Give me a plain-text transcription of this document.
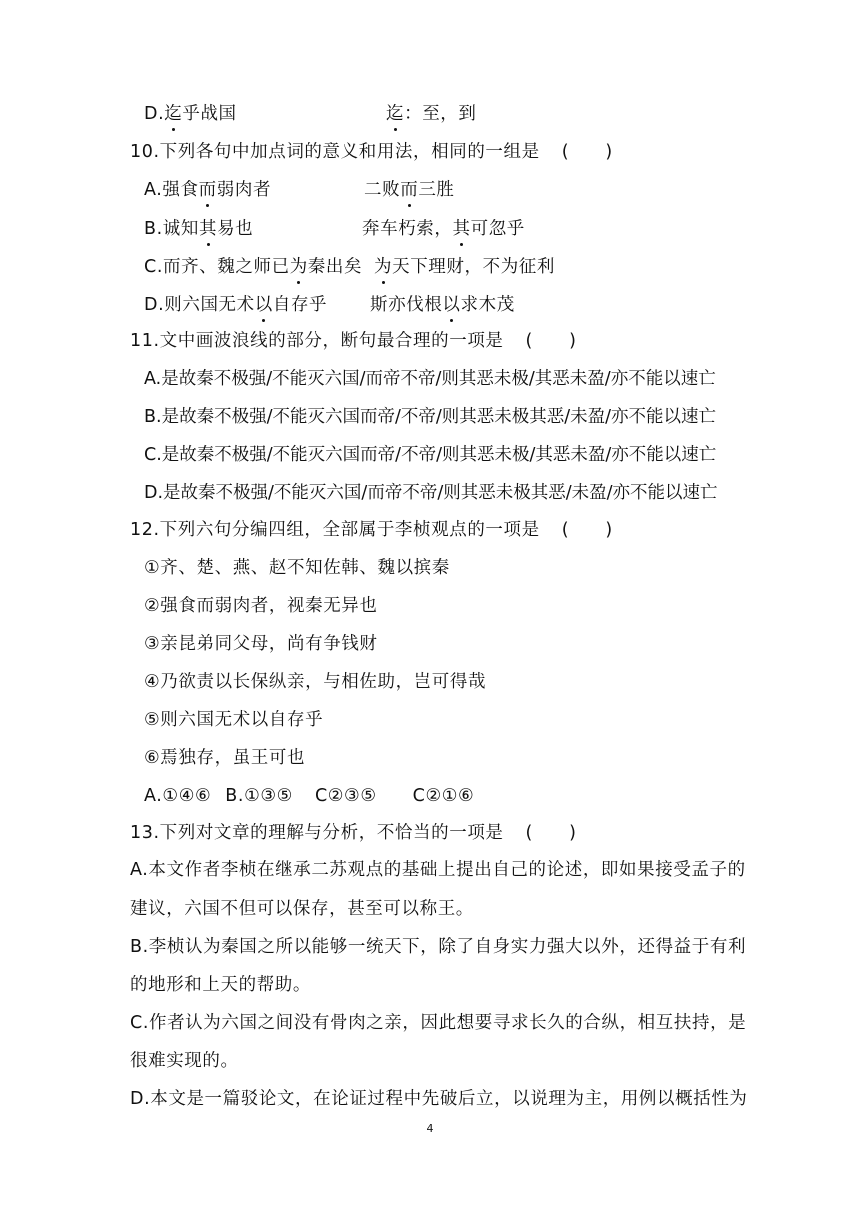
D.迄乎战国	迄：至，到
10.下列各句中加点词的意义和用法，相同的一组是 (　　)
A.强食而弱肉者	二败而三胜
B.诚知其易也	奔车朽索，其可忽乎
C.而齐、魏之师已为秦出矣 为天下理财，不为征利
D.则六国无术以自存乎 斯亦伐根以求木茂
11.文中画波浪线的部分，断句最合理的一项是 (　　)
A.是故秦不极强/不能灭六国/而帝不帝/则其恶未极/其恶未盈/亦不能以速亡
B.是故秦不极强/不能灭六国而帝/不帝/则其恶未极其恶/未盈/亦不能以速亡
C.是故秦不极强/不能灭六国而帝/不帝/则其恶未极/其恶未盈/亦不能以速亡
D.是故秦不极强/不能灭六国/而帝不帝/则其恶未极其恶/未盈/亦不能以速亡
12.下列六句分编四组，全部属于李桢观点的一项是 (　　)
①齐、楚、燕、赵不知佐韩、魏以摈秦
②强食而弱肉者，视秦无异也
③亲昆弟同父母，尚有争钱财
④乃欲责以长保纵亲，与相佐助，岂可得哉
⑤则六国无术以自存乎
⑥焉独存，虽王可也
A.①④⑥ B.①③⑤ C②③⑤ C②①⑥
13.下列对文章的理解与分析，不恰当的一项是 (　　)
A.本文作者李桢在继承二苏观点的基础上提出自己的论述，即如果接受孟子的
建议，六国不但可以保存，甚至可以称王。
B.李桢认为秦国之所以能够一统天下，除了自身实力强大以外，还得益于有利
的地形和上天的帮助。
C.作者认为六国之间没有骨肉之亲，因此想要寻求长久的合纵，相互扶持，是
很难实现的。
D.本文是一篇驳论文，在论证过程中先破后立，以说理为主，用例以概括性为
4
